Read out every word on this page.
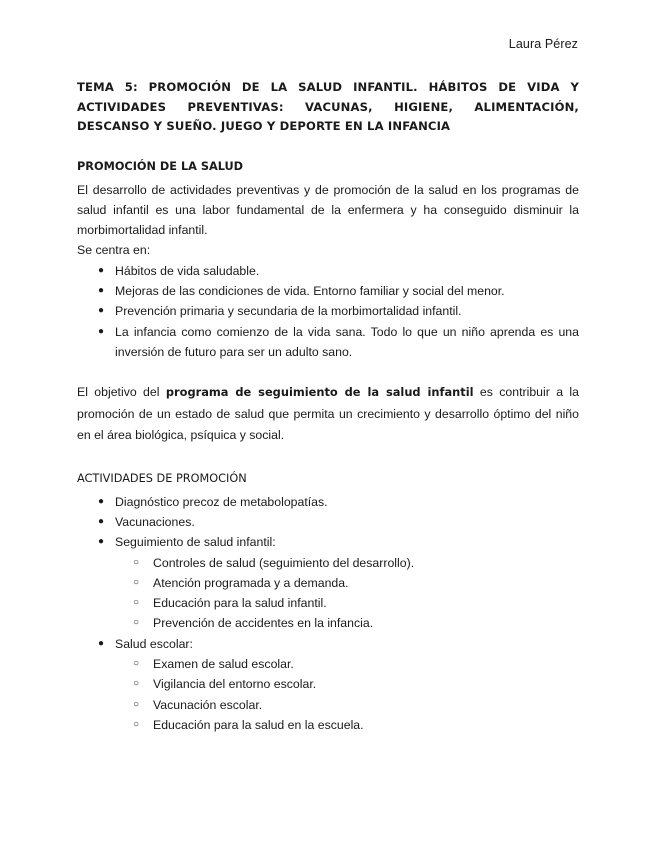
Laura Pérez

TEMA 5: PROMOCIÓN DE LA SALUD INFANTIL. HÁBITOS DE VIDA Y ACTIVIDADES PREVENTIVAS: VACUNAS, HIGIENE, ALIMENTACIÓN, DESCANSO Y SUEÑO. JUEGO Y DEPORTE EN LA INFANCIA

PROMOCIÓN DE LA SALUD

El desarrollo de actividades preventivas y de promoción de la salud en los programas de salud infantil es una labor fundamental de la enfermera y ha conseguido disminuir la morbimortalidad infantil.

Se centra en:

● Hábitos de vida saludable.
● Mejoras de las condiciones de vida. Entorno familiar y social del menor.
● Prevención primaria y secundaria de la morbimortalidad infantil.
● La infancia como comienzo de la vida sana. Todo lo que un niño aprenda es una inversión de futuro para ser un adulto sano.

El objetivo del programa de seguimiento de la salud infantil es contribuir a la promoción de un estado de salud que permita un crecimiento y desarrollo óptimo del niño en el área biológica, psíquica y social.

ACTIVIDADES DE PROMOCIÓN
● Diagnóstico precoz de metabolopatías.
● Vacunaciones.
● Seguimiento de salud infantil:
○ Controles de salud (seguimiento del desarrollo).
○ Atención programada y a demanda.
○ Educación para la salud infantil.
○ Prevención de accidentes en la infancia.
● Salud escolar:
○ Examen de salud escolar.
○ Vigilancia del entorno escolar.
○ Vacunación escolar.
○ Educación para la salud en la escuela.
